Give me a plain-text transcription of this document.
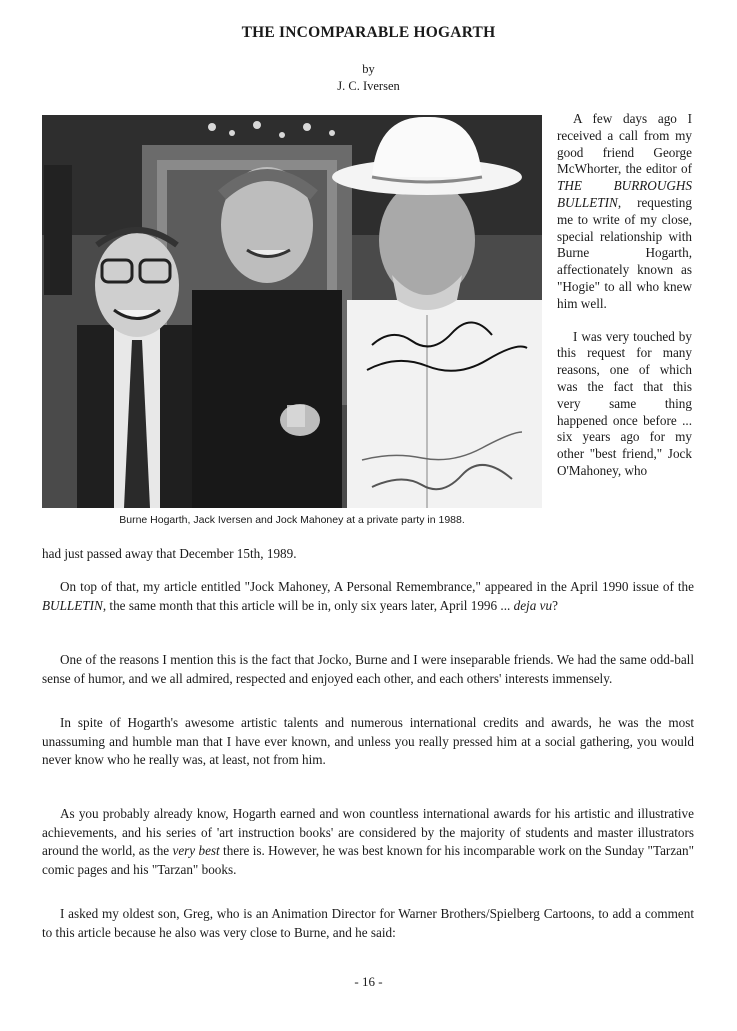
THE INCOMPARABLE HOGARTH
by
J. C. Iversen
Burne Hogarth, Jack Iversen and Jock Mahoney at a private party in 1988.

A few days ago I received a call from my good friend George McWhorter, the editor of THE BURROUGHS BULLETIN, requesting me to write of my close, special relationship with Burne Hogarth, affectionately known as "Hogie" to all who knew him well.

I was very touched by this request for many reasons, one of which was the fact that this very same thing happened once before ... six years ago for my other "best friend," Jock O'Mahoney, who

had just passed away that December 15th, 1989.
On top of that, my article entitled "Jock Mahoney, A Personal Remembrance," appeared in the April 1990 issue of the BULLETIN, the same month that this article will be in, only six years later, April 1996 ... deja vu?
One of the reasons I mention this is the fact that Jocko, Burne and I were inseparable friends. We had the same odd-ball sense of humor, and we all admired, respected and enjoyed each other, and each others' interests immensely.
In spite of Hogarth's awesome artistic talents and numerous international credits and awards, he was the most unassuming and humble man that I have ever known, and unless you really pressed him at a social gathering, you would never know who he really was, at least, not from him.
As you probably already know, Hogarth earned and won countless international awards for his artistic and illustrative achievements, and his series of 'art instruction books' are considered by the majority of students and master illustrators around the world, as the very best there is. However, he was best known for his incomparable work on the Sunday "Tarzan" comic pages and his "Tarzan" books.
I asked my oldest son, Greg, who is an Animation Director for Warner Brothers/Spielberg Cartoons, to add a comment to this article because he also was very close to Burne, and he said:
- 16 -
